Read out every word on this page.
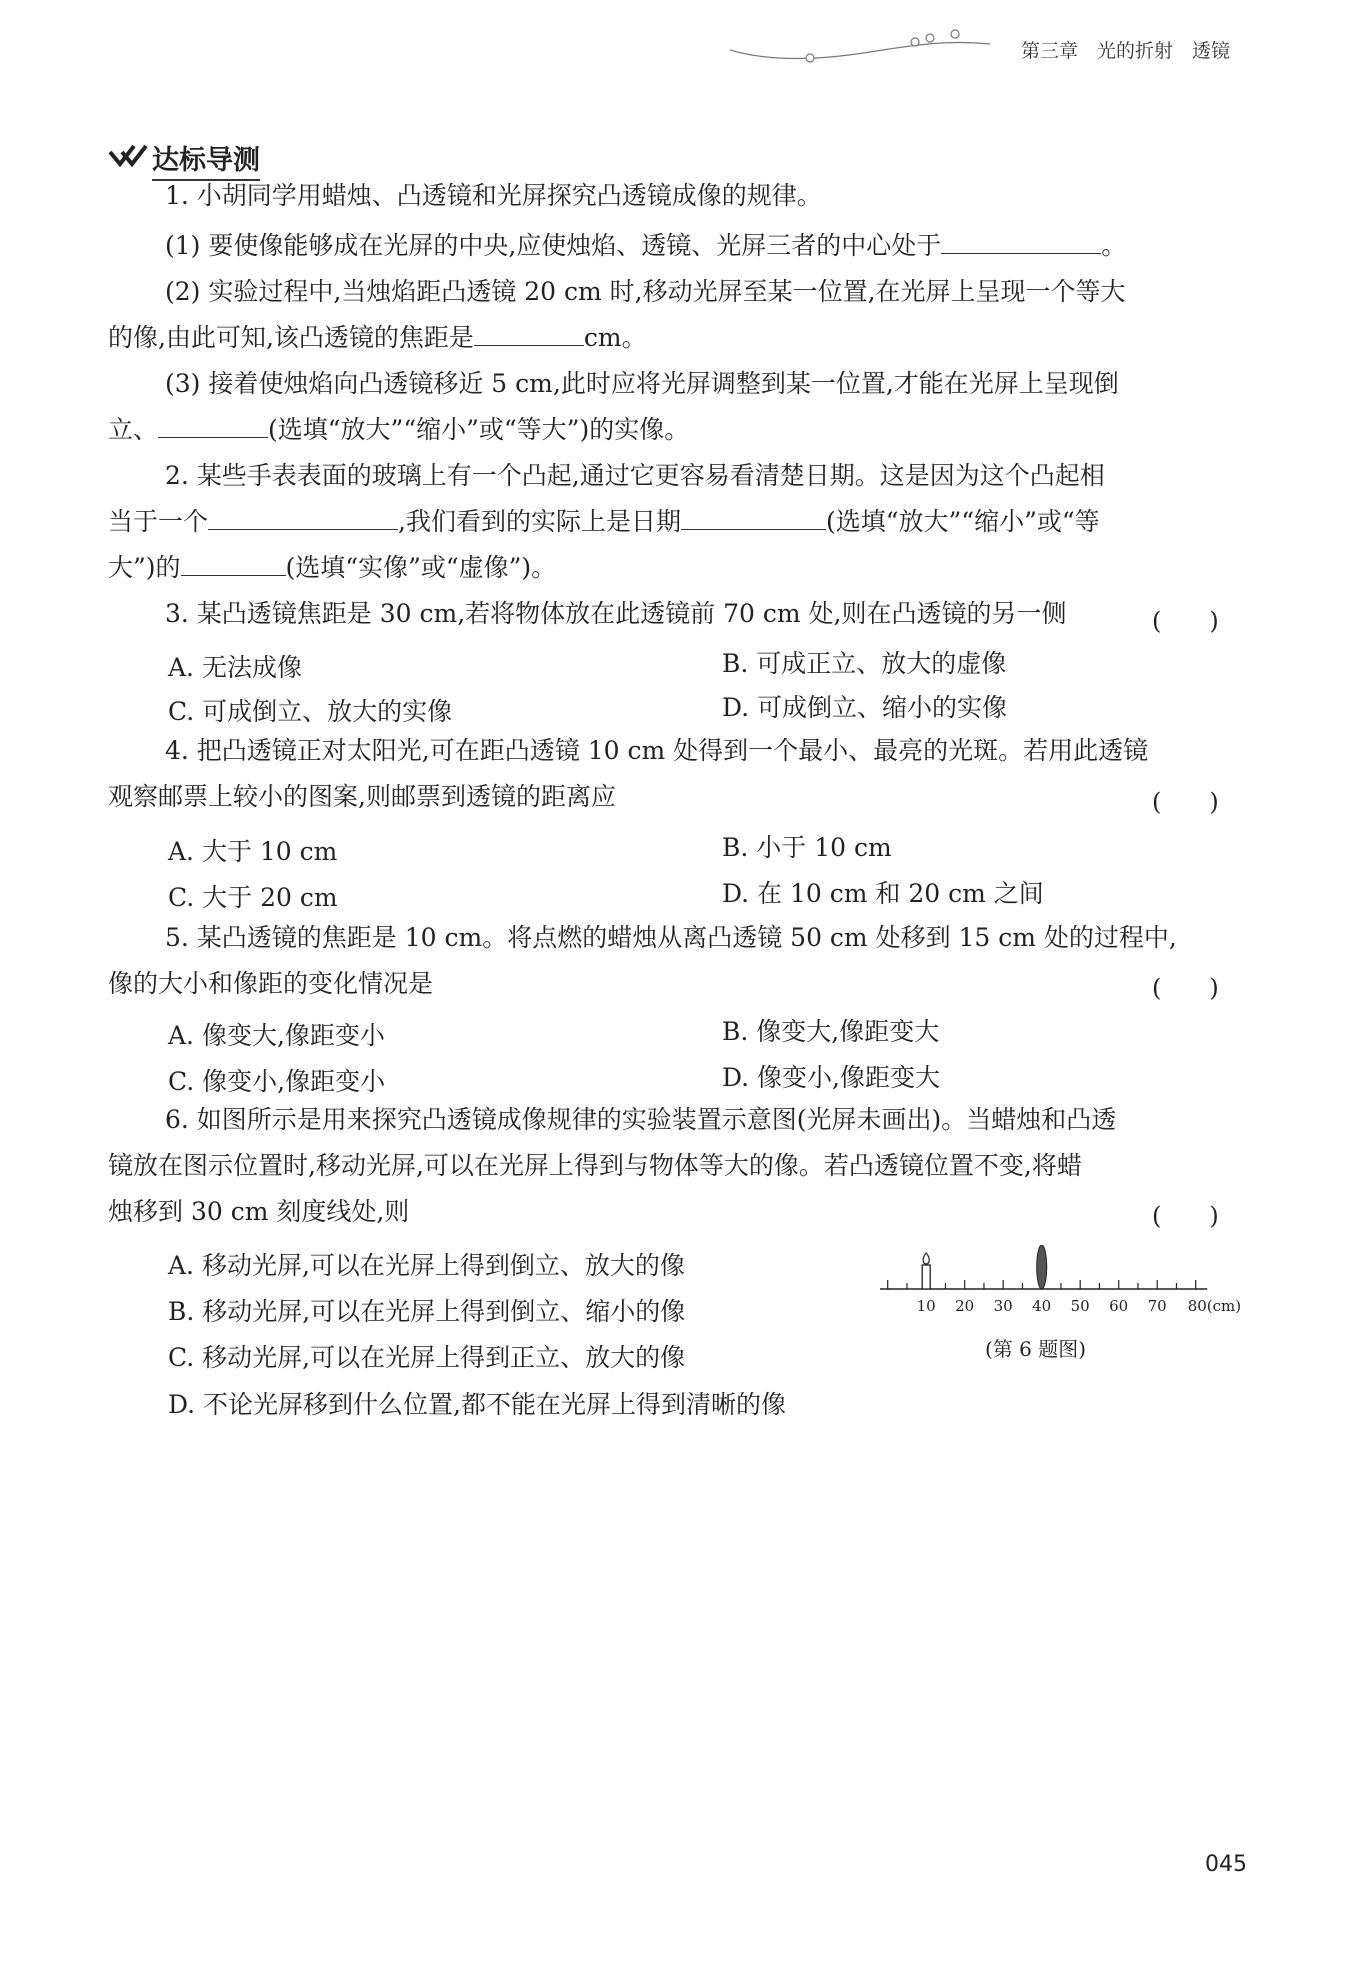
第三章　光的折射　透镜
达标导测
1. 小胡同学用蜡烛、凸透镜和光屏探究凸透镜成像的规律。
(1) 要使像能够成在光屏的中央,应使烛焰、透镜、光屏三者的中心处于	。
(2) 实验过程中,当烛焰距凸透镜 20 cm 时,移动光屏至某一位置,在光屏上呈现一个等大
的像,由此可知,该凸透镜的焦距是	cm。
(3) 接着使烛焰向凸透镜移近 5 cm,此时应将光屏调整到某一位置,才能在光屏上呈现倒
立、	(选填“放大”“缩小”或“等大”)的实像。
2. 某些手表表面的玻璃上有一个凸起,通过它更容易看清楚日期。这是因为这个凸起相
当于一个	,我们看到的实际上是日期	(选填“放大”“缩小”或“等
大”)的	(选填“实像”或“虚像”)。
3. 某凸透镜焦距是 30 cm,若将物体放在此透镜前 70 cm 处,则在凸透镜的另一侧	(　　)
A. 无法成像	B. 可成正立、放大的虚像
C. 可成倒立、放大的实像	D. 可成倒立、缩小的实像
4. 把凸透镜正对太阳光,可在距凸透镜 10 cm 处得到一个最小、最亮的光斑。若用此透镜
观察邮票上较小的图案,则邮票到透镜的距离应	(　　)
A. 大于 10 cm	B. 小于 10 cm
C. 大于 20 cm	D. 在 10 cm 和 20 cm 之间
5. 某凸透镜的焦距是 10 cm。将点燃的蜡烛从离凸透镜 50 cm 处移到 15 cm 处的过程中,
像的大小和像距的变化情况是	(　　)
A. 像变大,像距变小	B. 像变大,像距变大
C. 像变小,像距变小	D. 像变小,像距变大
6. 如图所示是用来探究凸透镜成像规律的实验装置示意图(光屏未画出)。当蜡烛和凸透
镜放在图示位置时,移动光屏,可以在光屏上得到与物体等大的像。若凸透镜位置不变,将蜡
烛移到 30 cm 刻度线处,则	(　　)
A. 移动光屏,可以在光屏上得到倒立、放大的像
B. 移动光屏,可以在光屏上得到倒立、缩小的像
C. 移动光屏,可以在光屏上得到正立、放大的像
D. 不论光屏移到什么位置,都不能在光屏上得到清晰的像
10 20 30 40 50 60 70 80(cm)
(第 6 题图)
045
